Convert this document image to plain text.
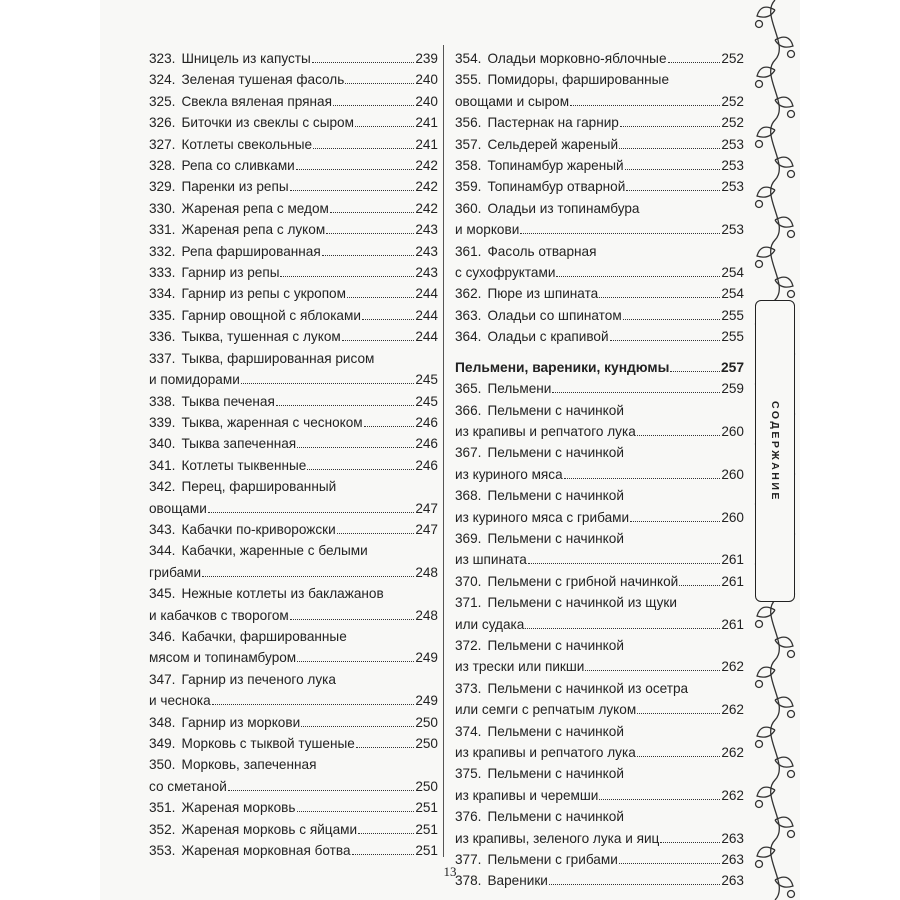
323. Шницель из капусты	239
324. Зеленая тушеная фасоль	240
325. Свекла вяленая пряная	240
326. Биточки из свеклы с сыром	241
327. Котлеты свекольные	241
328. Репа со сливками	242
329. Паренки из репы	242
330. Жареная репа с медом	242
331. Жареная репа с луком	243
332. Репа фаршированная	243
333. Гарнир из репы	243
334. Гарнир из репы с укропом	244
335. Гарнир овощной с яблоками	244
336. Тыква, тушенная с луком	244
337. Тыква, фаршированная рисом
и помидорами	245
338. Тыква печеная	245
339. Тыква, жаренная с чесноком	246
340. Тыква запеченная	246
341. Котлеты тыквенные	246
342. Перец, фаршированный
овощами	247
343. Кабачки по-криворожски	247
344. Кабачки, жаренные с белыми
грибами	248
345. Нежные котлеты из баклажанов
и кабачков с творогом	248
346. Кабачки, фаршированные
мясом и топинамбуром	249
347. Гарнир из печеного лука
и чеснока	249
348. Гарнир из моркови	250
349. Морковь с тыквой тушеные	250
350. Морковь, запеченная
со сметаной	250
351. Жареная морковь	251
352. Жареная морковь с яйцами	251
353. Жареная морковная ботва	251
354. Оладьи морковно-яблочные	252
355. Помидоры, фаршированные
овощами и сыром	252
356. Пастернак на гарнир	252
357. Сельдерей жареный	253
358. Топинамбур жареный	253
359. Топинамбур отварной	253
360. Оладьи из топинамбура
и моркови	253
361. Фасоль отварная
с сухофруктами	254
362. Пюре из шпината	254
363. Оладьи со шпинатом	255
364. Оладьи с крапивой	255
Пельмени, вареники, кундюмы	257
365. Пельмени	259
366. Пельмени с начинкой
из крапивы и репчатого лука	260
367. Пельмени с начинкой
из куриного мяса	260
368. Пельмени с начинкой
из куриного мяса с грибами	260
369. Пельмени с начинкой
из шпината	261
370. Пельмени с грибной начинкой	261
371. Пельмени с начинкой из щуки
или судака	261
372. Пельмени с начинкой
из трески или пикши	262
373. Пельмени с начинкой из осетра
или семги с репчатым луком	262
374. Пельмени с начинкой
из крапивы и репчатого лука	262
375. Пельмени с начинкой
из крапивы и черемши	262
376. Пельмени с начинкой
из крапивы, зеленого лука и яиц	263
377. Пельмени с грибами	263
378. Вареники	263
СОДЕРЖАНИЕ
13
